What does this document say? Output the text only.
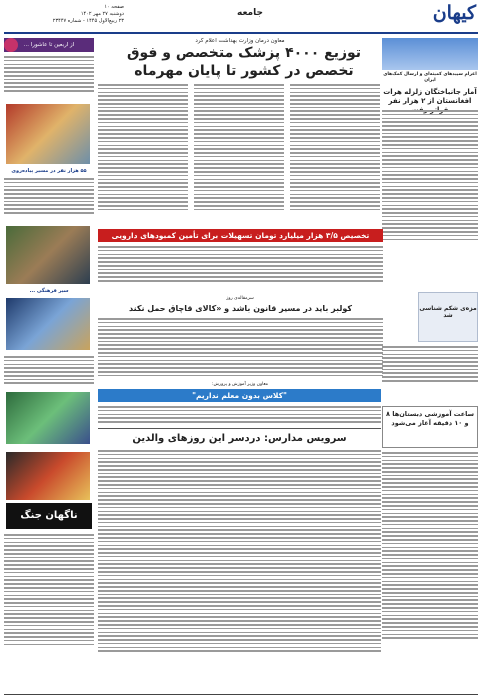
کیهان
جامعه
صفحه ۱۰
دوشنبه ۲۷ مهر ۱۴۰۲
۲۳ ربیع‌الاول ۱۴۴۵ - شماره ۲۳۴۴۷
معاون درمان وزارت بهداشت اعلام کرد
توزیع ۴۰۰۰ پزشک متخصص و فوق تخصص در کشور تا پایان مهرماه	اعزام سپیدهای کمیته‌ای و ارسال کمک‌های ایران
آمار جانباختگان زلزله هرات افغانستان از ۲ هزار نفر
از اربعین تا عاشورا ...
۵۵ هزار نفر در مسیر پیاده‌روی
سیر فرهنگی ...
ناگهان جنگ
تخصیص ۳/۵ هزار میلیارد تومان تسهیلات برای تأمین کمبودهای دارویی
سرمقاله‌ی روز
کولبر باید در مسیر قانون باشد و «کالای قاچاق حمل نکند
معاون وزیر آموزش و پرورش:
"کلاس بدون معلم نداریم"
سرویس مدارس: دردسر این روزهای والدین
مزه‌ی شکم شناسی شد
ساعت آموزشی دبستان‌ها ۸ و ۱۰ دقیقه آغاز می‌شود
